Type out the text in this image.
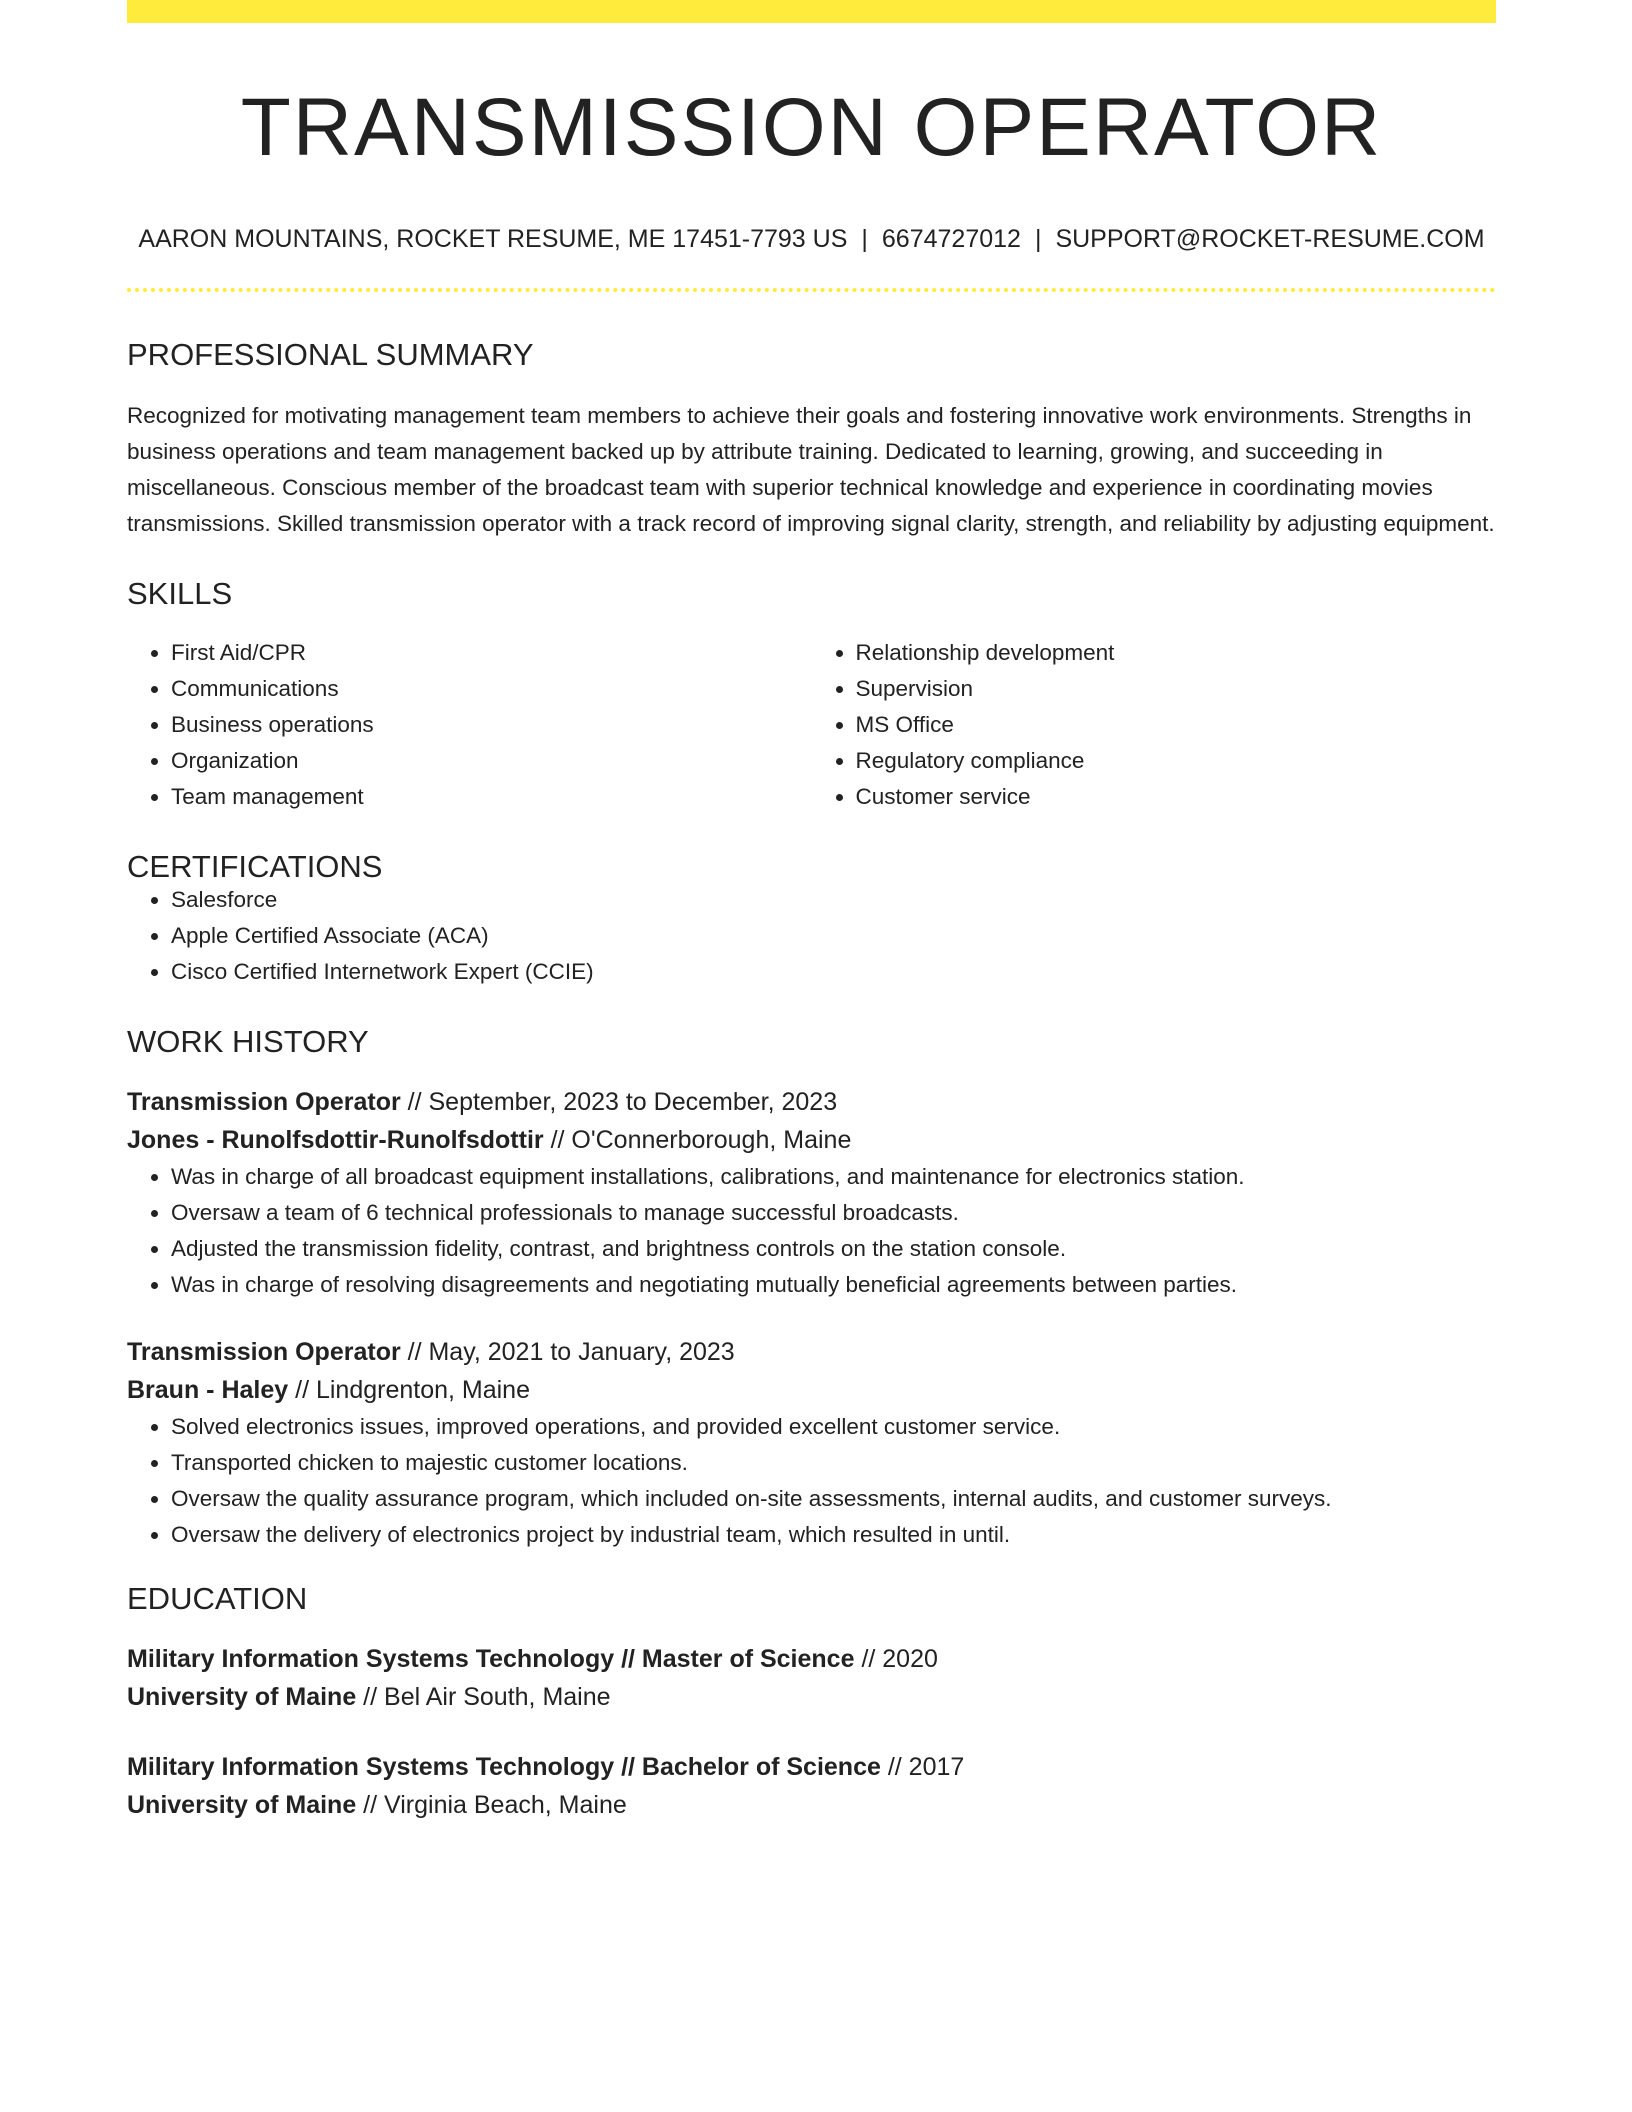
TRANSMISSION OPERATOR
AARON MOUNTAINS, ROCKET RESUME, ME 17451-7793 US | 6674727012 | SUPPORT@ROCKET-RESUME.COM
PROFESSIONAL SUMMARY
Recognized for motivating management team members to achieve their goals and fostering innovative work environments. Strengths in business operations and team management backed up by attribute training. Dedicated to learning, growing, and succeeding in miscellaneous. Conscious member of the broadcast team with superior technical knowledge and experience in coordinating movies transmissions. Skilled transmission operator with a track record of improving signal clarity, strength, and reliability by adjusting equipment.
SKILLS
• First Aid/CPR
• Communications
• Business operations
• Organization
• Team management
• Relationship development
• Supervision
• MS Office
• Regulatory compliance
• Customer service
CERTIFICATIONS
• Salesforce
• Apple Certified Associate (ACA)
• Cisco Certified Internetwork Expert (CCIE)
WORK HISTORY
Transmission Operator // September, 2023 to December, 2023
Jones - Runolfsdottir-Runolfsdottir // O'Connerborough, Maine
• Was in charge of all broadcast equipment installations, calibrations, and maintenance for electronics station.
• Oversaw a team of 6 technical professionals to manage successful broadcasts.
• Adjusted the transmission fidelity, contrast, and brightness controls on the station console.
• Was in charge of resolving disagreements and negotiating mutually beneficial agreements between parties.
Transmission Operator // May, 2021 to January, 2023
Braun - Haley // Lindgrenton, Maine
• Solved electronics issues, improved operations, and provided excellent customer service.
• Transported chicken to majestic customer locations.
• Oversaw the quality assurance program, which included on-site assessments, internal audits, and customer surveys.
• Oversaw the delivery of electronics project by industrial team, which resulted in until.
EDUCATION
Military Information Systems Technology // Master of Science // 2020
University of Maine // Bel Air South, Maine
Military Information Systems Technology // Bachelor of Science // 2017
University of Maine // Virginia Beach, Maine
